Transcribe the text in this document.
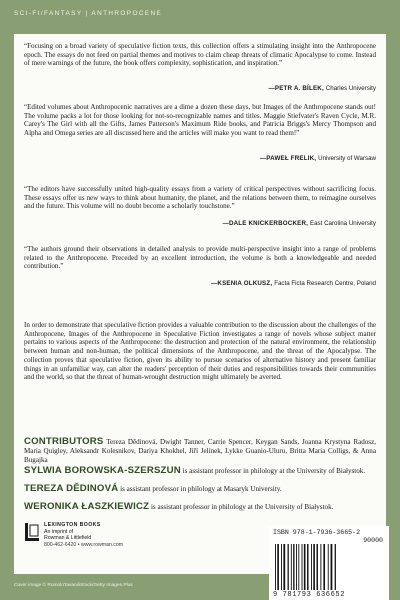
SCI-FI/FANTASY | ANTHROPOCENE
“Focusing on a broad variety of speculative fiction texts, this collection offers a stimulating insight into the Anthropocene epoch. The essays do not feed on partial themes and motives to claim cheap threats of climatic Apocalypse to come. Instead of mere warnings of the future, the book offers complexity, sophistication, and inspiration.”
—PETR A. BÍLEK, Charles University
“Edited volumes about Anthropocenic narratives are a dime a dozen these days, but Images of the Anthropocene stands out! The volume packs a lot for those looking for not-so-recognizable names and titles. Maggie Stiefvater's Raven Cycle, M.R. Carey's The Girl with all the Gifts, James Patterson's Maximum Ride books, and Patricia Briggs's Mercy Thompson and Alpha and Omega series are all discussed here and the articles will make you want to read them!”
—PAWEŁ FRELIK, University of Warsaw
“The editors have successfully united high-quality essays from a variety of critical perspectives without sacrificing focus. These essays offer us new ways to think about humanity, the planet, and the relations between them, to reimagine ourselves and the future. This volume will no doubt become a scholarly touchstone.”
—DALE KNICKERBOCKER, East Carolina University
“The authors ground their observations in detailed analysis to provide multi-perspective insight into a range of problems related to the Anthropocene. Preceded by an excellent introduction, the volume is both a knowledgeable and needed contribution.”
—KSENIA OLKUSZ, Facta Ficta Research Centre, Poland
In order to demonstrate that speculative fiction provides a valuable contribution to the discussion about the challenges of the Anthropocene, Images of the Anthropocene in Speculative Fiction investigates a range of novels whose subject matter pertains to various aspects of the Anthropocene: the destruction and protection of the natural environment, the relationship between human and non-human, the political dimensions of the Anthropocene, and the threat of the Apocalypse. The collection proves that speculative fiction, given its ability to pursue scenarios of alternative history and present familiar things in an unfamiliar way, can alter the readers' perception of their duties and responsibilities towards their communities and the world, so that the threat of human-wrought destruction might ultimately be averted.
CONTRIBUTORS Tereza Dědinová, Dwight Tanner, Carrie Spencer, Keygan Sands, Joanna Krystyna Radosz, Maria Quigley, Aleksandr Kolesnikov, Dariya Khokhel, Jiří Jelínek, Lykke Guanio-Uluru, Britta Maria Colligs, & Anna Bugajka
SYLWIA BOROWSKA-SZERSZUN is assistant professor in philology at the University of Białystok.
TEREZA DĚDINOVÁ is assistant professor in philology at Masaryk University.
WERONIKA ŁASZKIEWICZ is assistant professor in philology at the University of Białystok.
LEXINGTON BOOKS
An imprint of
Rowman & Littlefield
800-462-6420 • www.rowman.com
ISBN 978-1-7936-3665-2
90000
9 781793 636652
Cover image © RomoloTavani/iStock/Getty Images Plus
